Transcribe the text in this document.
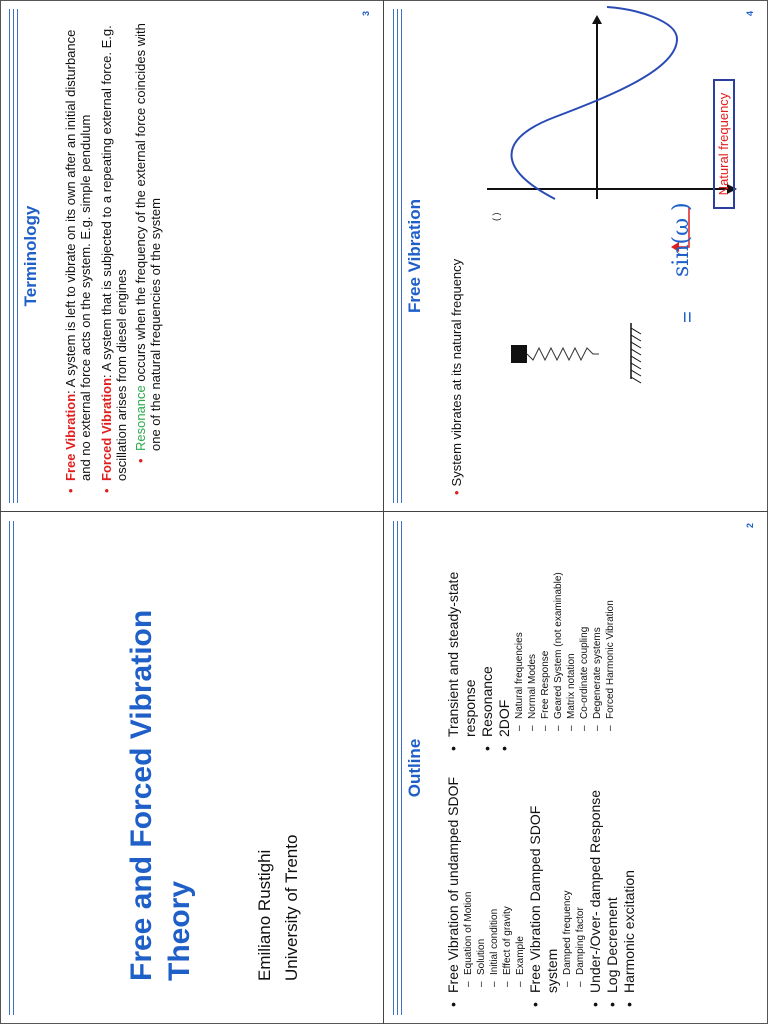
Free and Forced Vibration Theory	Emiliano Rustighi University of Trento
Outline
• Free Vibration of undamped SDOF – Equation of Motion – Solution – Initial condition – Effect of gravity – Example • Free Vibration Damped SDOF system – Damped frequency – Damping factor • Under-/Over- damped Response • Log Decrement • Harmonic excitation
• Transient and steady-state response • Resonance • 2DOF – Natural frequencies – Normal Modes – Free Response – Geared System (not examinable) – Matrix notation – Co-ordinate coupling – Degenerate systems – Forced Harmonic Vibration
2
Terminology
• Free Vibration: A system is left to vibrate on its own after an initial disturbance and no external force acts on the system. E.g. simple pendulum • Forced Vibration: A system that is subjected to a repeating external force. E.g. oscillation arises from diesel engines • Resonance occurs when the frequency of the external force coincides with one of the natural frequencies of the system
3
Free Vibration
•System vibrates at its natural frequency
( )
=
sin(ω )
Natural frequency
4
